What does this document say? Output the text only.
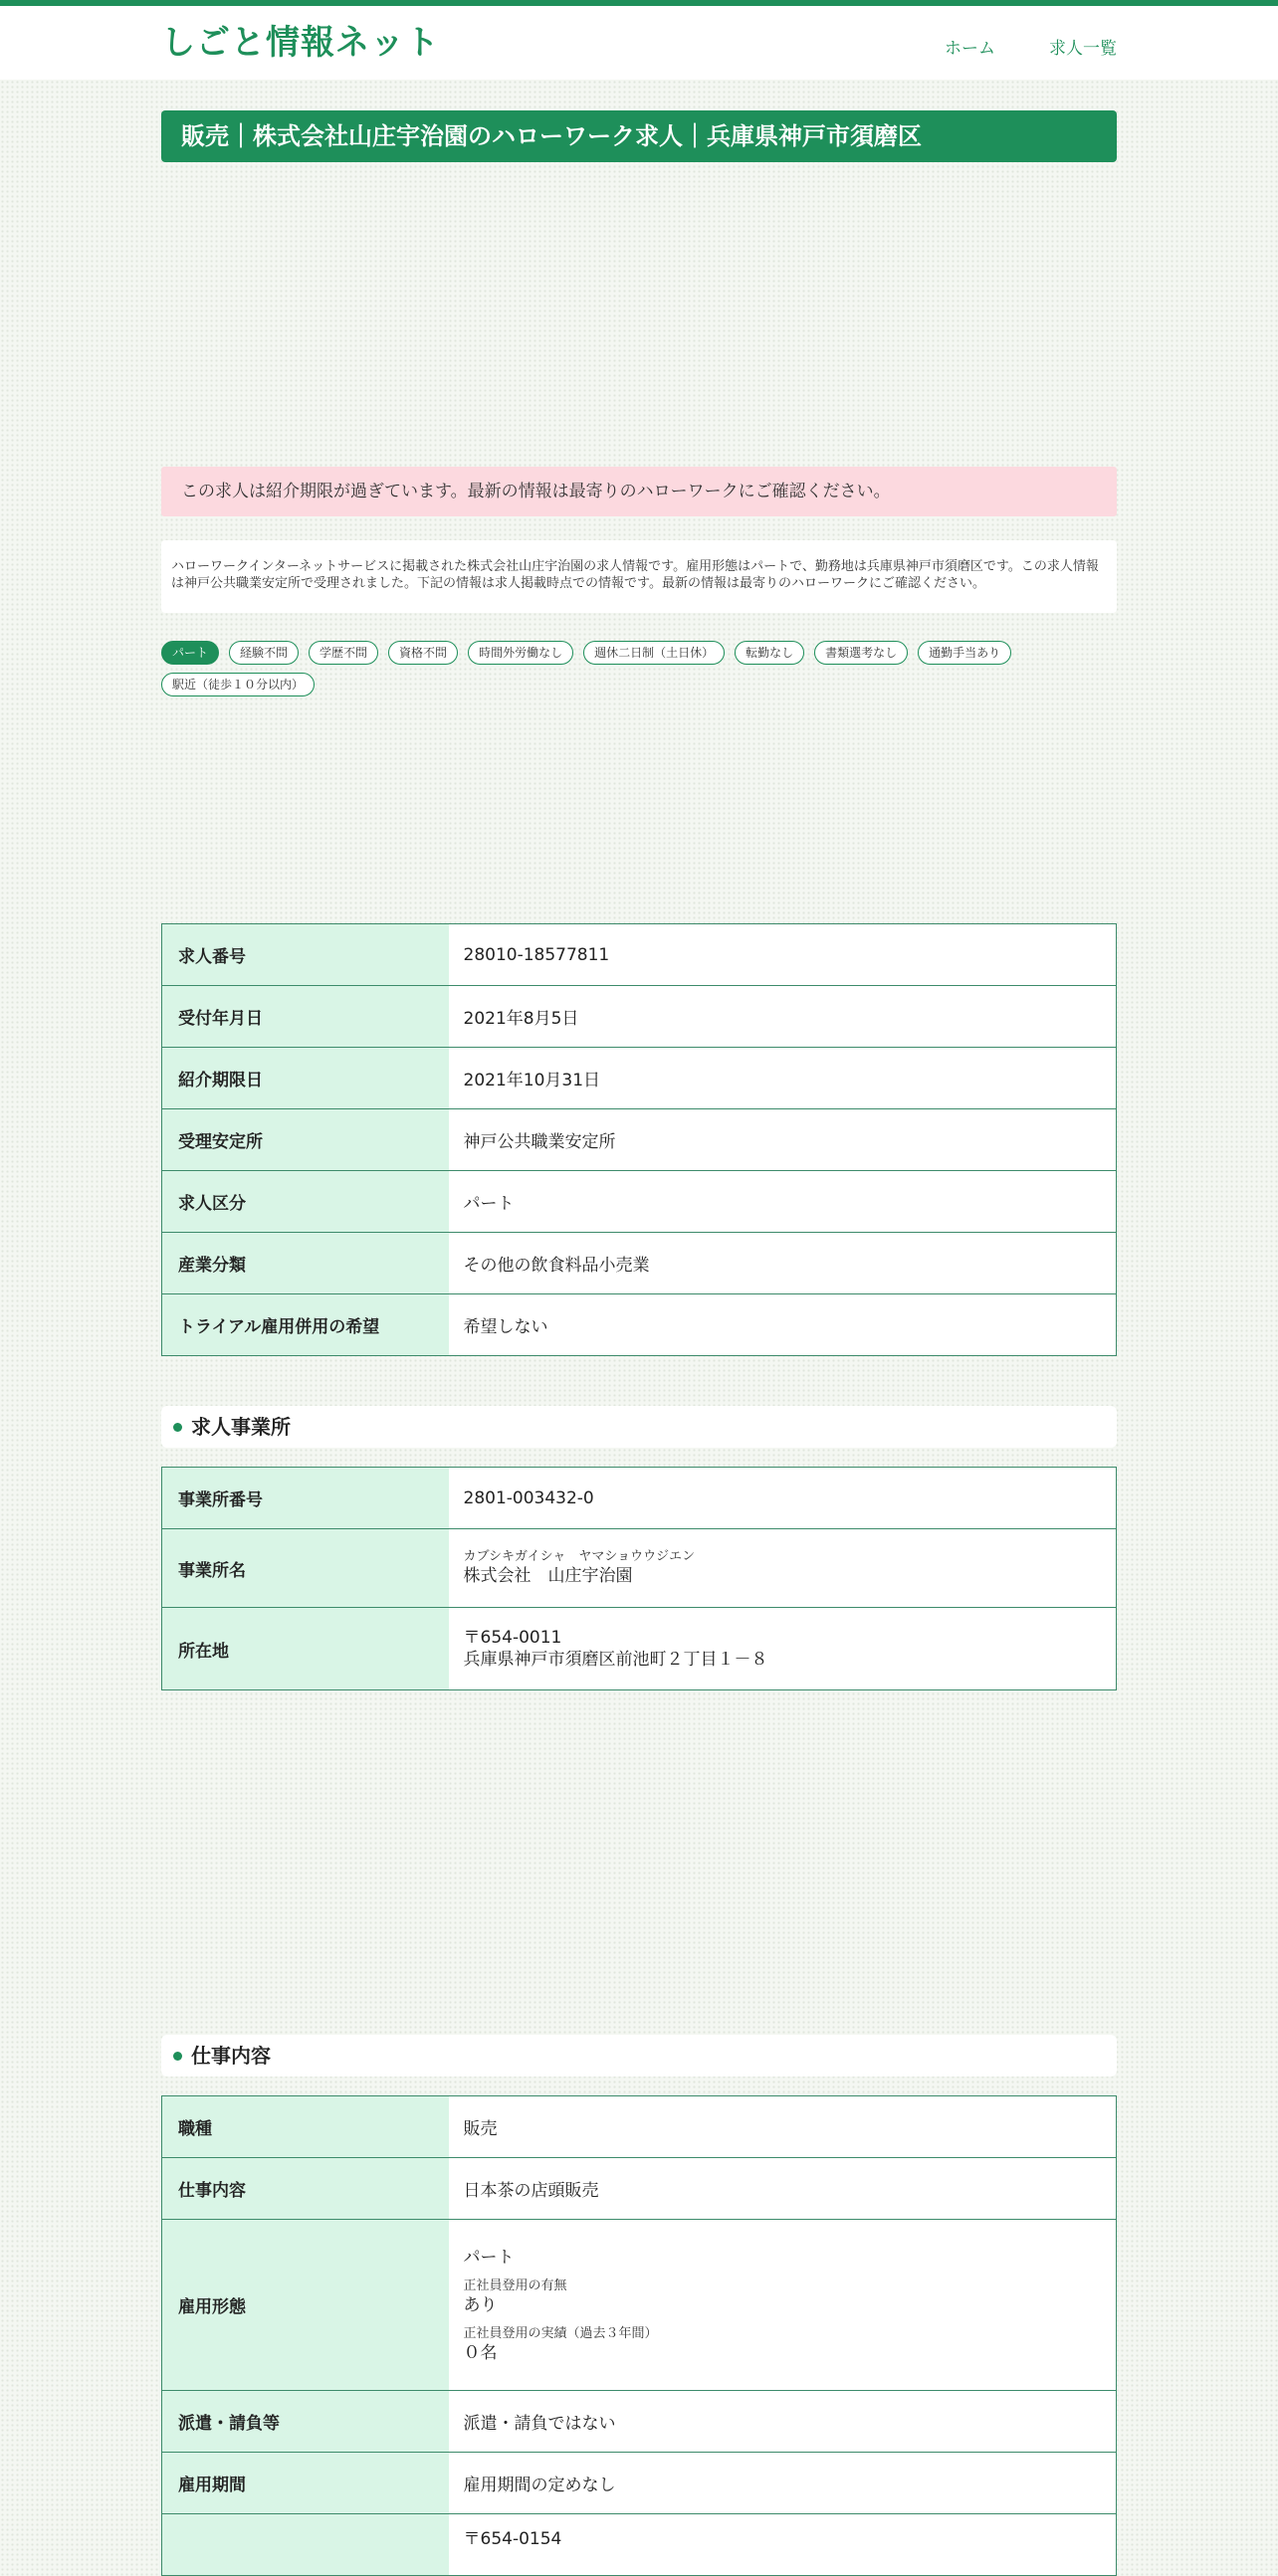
しごと情報ネット	ホーム	求人一覧
販売｜株式会社山庄宇治園のハローワーク求人｜兵庫県神戸市須磨区
この求人は紹介期限が過ぎています。最新の情報は最寄りのハローワークにご確認ください。
ハローワークインターネットサービスに掲載された株式会社山庄宇治園の求人情報です。雇用形態はパートで、勤務地は兵庫県神戸市須磨区です。この求人情報
は神戸公共職業安定所で受理されました。下記の情報は求人掲載時点での情報です。最新の情報は最寄りのハローワークにご確認ください。
パート	経験不問	学歴不問	資格不問	時間外労働なし	週休二日制（土日休）	転勤なし	書類選考なし	通勤手当あり
駅近（徒歩１０分以内）
求人番号	28010-18577811
受付年月日	2021年8月5日
紹介期限日	2021年10月31日
受理安定所	神戸公共職業安定所
求人区分	パート
産業分類	その他の飲食料品小売業
トライアル雇用併用の希望	希望しない
求人事業所
事業所番号	2801-003432-0
事業所名	カブシキガイシャ　ヤマショウウジエン
株式会社　山庄宇治園

所在地	〒654-0011
兵庫県神戸市須磨区前池町２丁目１－８
仕事内容
職種	販売
仕事内容	日本茶の店頭販売
雇用形態	パート
正社員登用の有無
あり
正社員登用の実績（過去３年間）
０名

派遣・請負等	派遣・請負ではない
雇用期間	雇用期間の定めなし
	〒654-0154
